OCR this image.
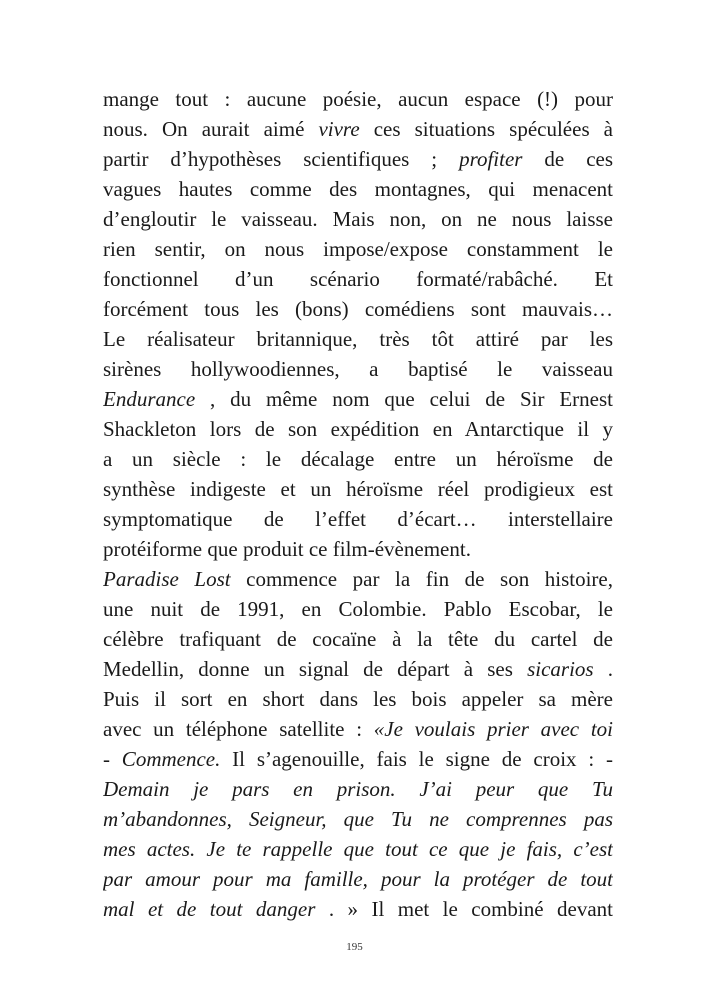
mange tout : aucune poésie, aucun espace (!) pour
nous. On aurait aimé vivre ces situations spéculées à
partir d’hypothèses scientifiques ; profiter de ces
vagues hautes comme des montagnes, qui menacent
d’engloutir le vaisseau. Mais non, on ne nous laisse
rien sentir, on nous impose/expose constamment le
fonctionnel d’un scénario formaté/rabâché. Et
forcément tous les (bons) comédiens sont mauvais…
Le réalisateur britannique, très tôt attiré par les
sirènes hollywoodiennes, a baptisé le vaisseau
Endurance , du même nom que celui de Sir Ernest
Shackleton lors de son expédition en Antarctique il y
a un siècle : le décalage entre un héroïsme de
synthèse indigeste et un héroïsme réel prodigieux est
symptomatique de l’effet d’écart… interstellaire
protéiforme que produit ce film-évènement.
Paradise Lost commence par la fin de son histoire,
une nuit de 1991, en Colombie. Pablo Escobar, le
célèbre trafiquant de cocaïne à la tête du cartel de
Medellin, donne un signal de départ à ses sicarios .
Puis il sort en short dans les bois appeler sa mère
avec un téléphone satellite : «Je voulais prier avec toi
- Commence. Il s’agenouille, fais le signe de croix : -
Demain je pars en prison. J’ai peur que Tu
m’abandonnes, Seigneur, que Tu ne comprennes pas
mes actes. Je te rappelle que tout ce que je fais, c’est
par amour pour ma famille, pour la protéger de tout
mal et de tout danger . » Il met le combiné devant
195
